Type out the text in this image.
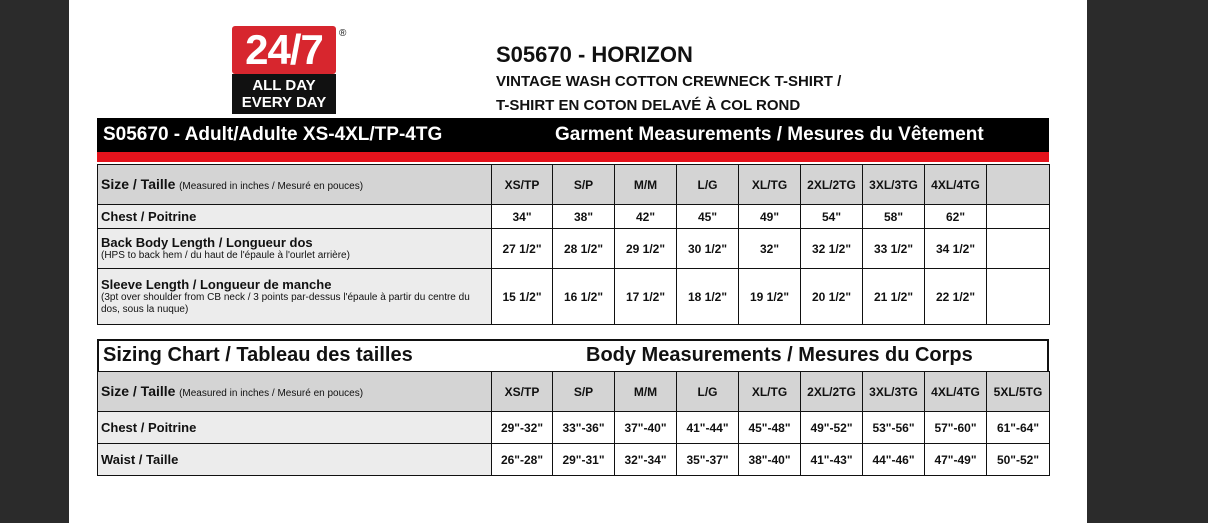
24/7
ALL DAY
EVERY DAY
®
S05670 - HORIZON
VINTAGE WASH COTTON CREWNECK T-SHIRT /
T-SHIRT EN COTON DELAVÉ À COL ROND
S05670 - Adult/Adulte XS-4XL/TP-4TG	Garment Measurements / Mesures du Vêtement
Size / Taille (Measured in inches / Mesuré en pouces)	XS/TP	S/P	M/M	L/G	XL/TG	2XL/2TG	3XL/3TG	4XL/4TG	
Chest / Poitrine	34"	38"	42"	45"	49"	54"	58"	62"	

Back Body Length / Longueur dos
(HPS to back hem / du haut de l'épaule à l'ourlet arrière)	27 1/2"	28 1/2"	29 1/2"	30 1/2"	32"	32 1/2"	33 1/2"	34 1/2"	

Sleeve Length / Longueur de manche
(3pt over shoulder from CB neck / 3 points par-dessus l'épaule à partir du centre du dos, sous la nuque)	15 1/2"	16 1/2"	17 1/2"	18 1/2"	19 1/2"	20 1/2"	21 1/2"	22 1/2"	
Sizing Chart / Tableau des tailles	Body Measurements / Mesures du Corps
Size / Taille (Measured in inches / Mesuré en pouces)	XS/TP	S/P	M/M	L/G	XL/TG	2XL/2TG	3XL/3TG	4XL/4TG	5XL/5TG
Chest / Poitrine	29"-32"	33"-36"	37"-40"	41"-44"	45"-48"	49"-52"	53"-56"	57"-60"	61"-64"
Waist / Taille	26"-28"	29"-31"	32"-34"	35"-37"	38"-40"	41"-43"	44"-46"	47"-49"	50"-52"
